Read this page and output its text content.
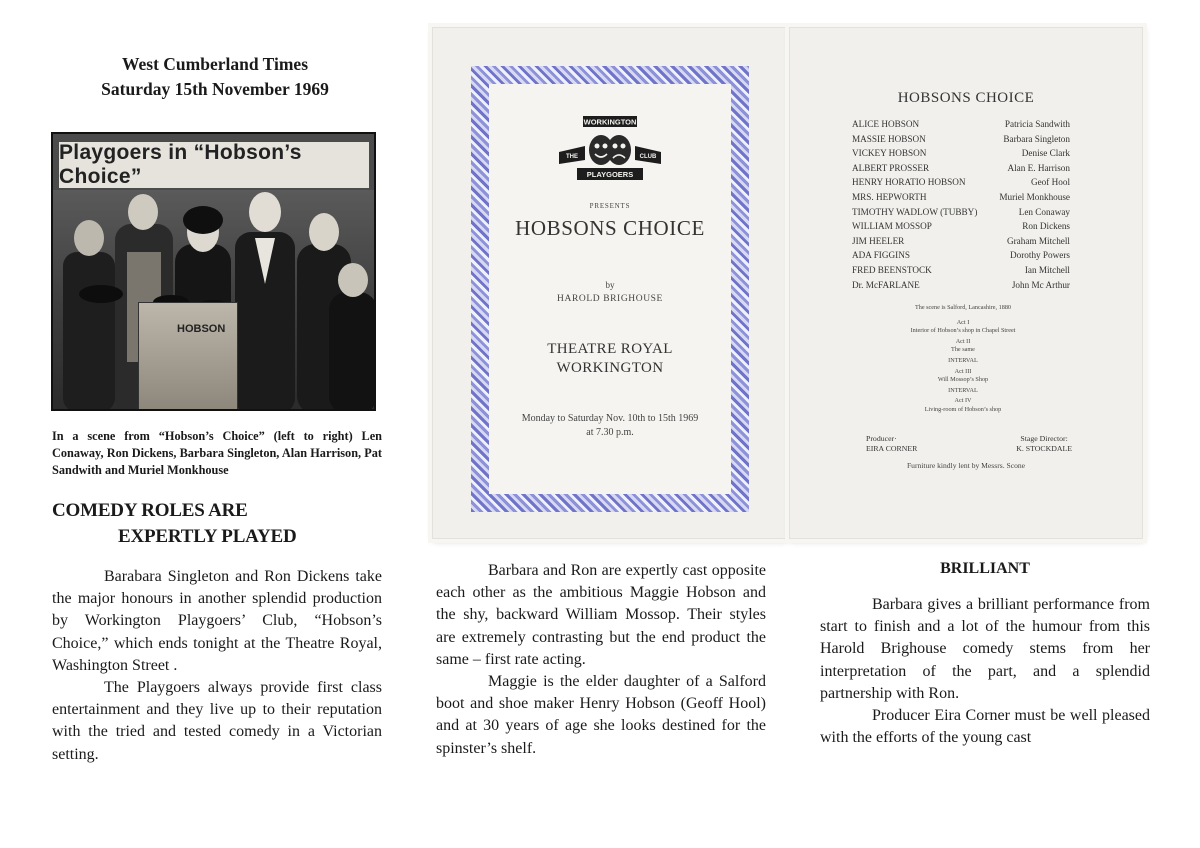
West Cumberland Times
Saturday 15th November 1969
Playgoers in “Hobson’s Choice”
HOBSON
In a scene from “Hobson’s Choice” (left to right) Len Conaway, Ron Dickens, Barbara Singleton, Alan Harrison, Pat Sandwith and Muriel Monkhouse
COMEDY ROLES ARE
EXPERTLY PLAYED

Barabara Singleton and Ron Dickens take the major honours in another splendid production by Workington Playgoers’ Club, “Hobson’s Choice,” which ends tonight at the Theatre Royal, Washington Street .

The Playgoers always provide first class entertainment and they live up to their reputation with the tried and tested comedy in a Victorian setting.

WORKINGTON
THE	CLUB
PLAYGOERS
PRESENTS
HOBSONS CHOICE
by
HAROLD BRIGHOUSE
THEATRE ROYAL
WORKINGTON
Monday to Saturday Nov. 10th to 15th 1969
at 7.30 p.m.
HOBSONS CHOICE
ALICE HOBSON	Patricia Sandwith
MASSIE HOBSON	Barbara Singleton
VICKEY HOBSON	Denise Clark
ALBERT PROSSER	Alan E. Harrison
HENRY HORATIO HOBSON	Geof Hool
MRS. HEPWORTH	Muriel Monkhouse
TIMOTHY WADLOW (TUBBY)	Len Conaway
WILLIAM MOSSOP	Ron Dickens
JIM HEELER	Graham Mitchell
ADA FIGGINS	Dorothy Powers
FRED BEENSTOCK	Ian Mitchell
Dr. McFARLANE	John Mc Arthur
The scene is Salford, Lancashire, 1880
Act I
Interior of Hobson’s shop in Chapel Street
Act II
The same
INTERVAL
Act III
Will Mossop’s Shop
INTERVAL
Act IV
Living-room of Hobson’s shop
Producer·
EIRA CORNER
Stage Director:
K. STOCKDALE
Furniture kindly lent by Messrs. Scone

Barbara and Ron are expertly cast opposite each other as the ambitious Maggie Hobson and the shy, backward William Mossop. Their styles are extremely contrasting but the end product the same – first rate acting.

Maggie is the elder daughter of a Salford boot and shoe maker Henry Hobson (Geoff Hool) and at 30 years of age she looks destined for the spinster’s shelf.

BRILLIANT

Barbara gives a brilliant performance from start to finish and a lot of the humour from this Harold Brighouse comedy stems from her interpretation of the part, and a splendid partnership with Ron.

Producer Eira Corner must be well pleased with the efforts of the young cast
